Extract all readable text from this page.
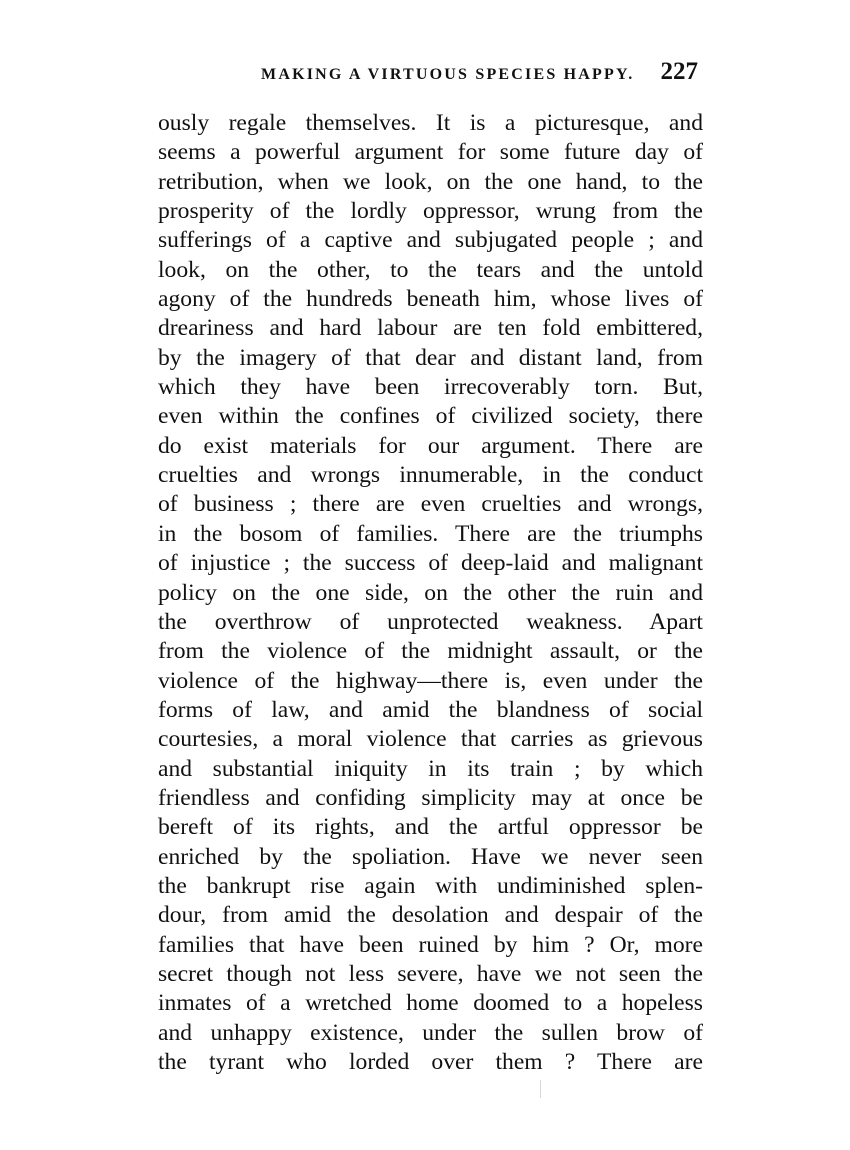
MAKING A VIRTUOUS SPECIES HAPPY. 227
ously regale themselves. It is a picturesque, and
seems a powerful argument for some future day of
retribution, when we look, on the one hand, to the
prosperity of the lordly oppressor, wrung from the
sufferings of a captive and subjugated people ; and
look, on the other, to the tears and the untold
agony of the hundreds beneath him, whose lives of
dreariness and hard labour are ten fold embittered,
by the imagery of that dear and distant land, from
which they have been irrecoverably torn. But,
even within the confines of civilized society, there
do exist materials for our argument. There are
cruelties and wrongs innumerable, in the conduct
of business ; there are even cruelties and wrongs,
in the bosom of families. There are the triumphs
of injustice ; the success of deep-laid and malignant
policy on the one side, on the other the ruin and
the overthrow of unprotected weakness. Apart
from the violence of the midnight assault, or the
violence of the highway—there is, even under the
forms of law, and amid the blandness of social
courtesies, a moral violence that carries as grievous
and substantial iniquity in its train ; by which
friendless and confiding simplicity may at once be
bereft of its rights, and the artful oppressor be
enriched by the spoliation. Have we never seen
the bankrupt rise again with undiminished splen-
dour, from amid the desolation and despair of the
families that have been ruined by him ? Or, more
secret though not less severe, have we not seen the
inmates of a wretched home doomed to a hopeless
and unhappy existence, under the sullen brow of
the tyrant who lorded over them ? There are
